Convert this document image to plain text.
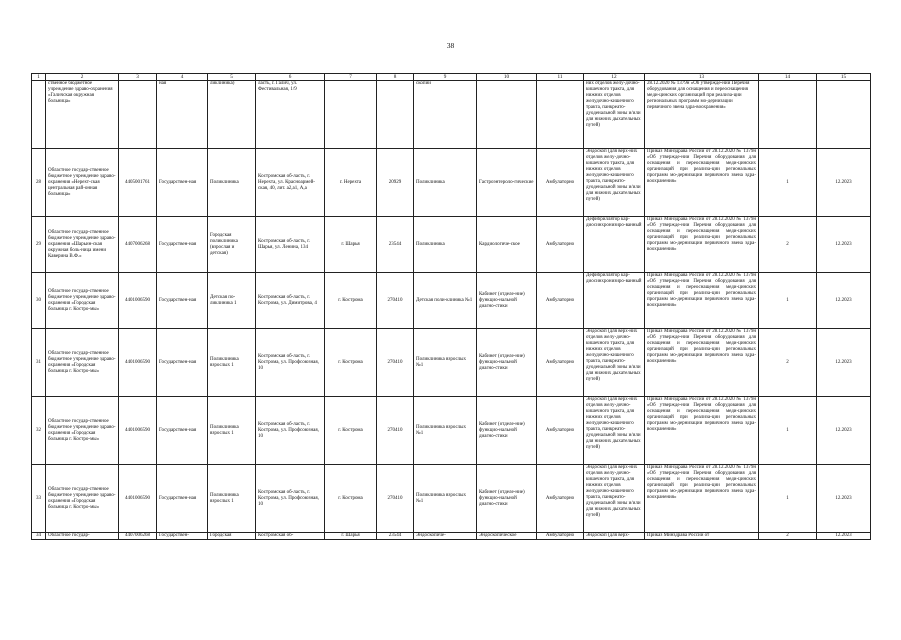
38
1	2	3	4	5	6	7	8	9	10	11	12	13	14	15
	ственное бюджетное учреждение здраво-охранения «Галичская окружная больница»		ная	ликлиника)	ласть, г. Галич, ул. Фестивальная, 1/9			скопии			них отделов желу-дочно-кишечного тракта, для нижних отделов желудочно-кишечного тракта, панкреато-дуоденальной зоны и/или для нижних дыхательных путей)	28.12.2020 № 1379н «Об утвержде-нии Перечня оборудования для оснащения и переоснащения меди-цинских организаций при реализа-ции региональных программ мо-дернизации первичного звена здра-воохранения»		
28	Областное государ-ственное бюджетное учреждение здраво-охранения «Нерехт-ская центральная рай-онная больница»	4405001761	Государствен-ная	Поликлиника	Костромская об-ласть, г. Нерехта, ул. Красноармей-ская, 40, лит. а2,а1, А,а	г. Нерехта	20929	Поликлиника	Гастроэнтероло-гические	Амбулаторно	Эндоскоп (для верх-них отделов желу-дочно-кишечного тракта, для нижних отделов желудочно-кишечного тракта, панкреато-дуоденальной зоны и/или для нижних дыхательных путей)	Приказ Минздрава России от 28.12.2020 № 1379н «Об утвержде-нии Перечня оборудования для оснащения и переоснащения меди-цинских организаций при реализа-ции региональных программ мо-дернизации первичного звена здра-воохранения»	1	12.2023
29	Областное государ-ственное бюджетное учреждение здраво-охранения «Шарьин-ская окружная боль-ница имени Каверина В.Ф.»	4407006268	Государствен-ная	Городская поликлиника (взрослая и детская)	Костромская об-ласть, г. Шарья, ул. Ленина, 134	г. Шарья	23544	Поликлиника	Кардиологиче-ское	Амбулаторно	Дефибриллятор кар-диосинхронизиро-ванный	Приказ Минздрава России от 28.12.2020 № 1379н «Об утвержде-нии Перечня оборудования для оснащения и переоснащения меди-цинских организаций при реализа-ции региональных программ мо-дернизации первичного звена здра-воохранения»	2	12.2023
30	Областное государ-ственное бюджетное учреждение здраво-охранения «Городская больница г. Костро-мы»	4401006590	Государствен-ная	Детская по-ликлиника 1	Костромская об-ласть, г. Кострома, ул. Димитрова, 4	г. Кострома	270410	Детская поли-клиника №1	Кабинет (отделе-ние) функцио-нальной диагно-стики	Амбулаторно	Дефибриллятор кар-диосинхронизиро-ванный	Приказ Минздрава России от 28.12.2020 № 1379н «Об утвержде-нии Перечня оборудования для оснащения и переоснащения меди-цинских организаций при реализа-ции региональных программ мо-дернизации первичного звена здра-воохранения»	1	12.2023
31	Областное государ-ственное бюджетное учреждение здраво-охранения «Городская больница г. Костро-мы»	4401006590	Государствен-ная	Поликлиника взрослых 1	Костромская об-ласть, г. Кострома, ул. Профсоюзная, 10	г. Кострома	270410	Поликлиника взрослых №1	Кабинет (отделе-ние) функцио-нальной диагно-стики	Амбулаторно	Эндоскоп (для верх-них отделов желу-дочно-кишечного тракта, для нижних отделов желудочно-кишечного тракта, панкреато-дуоденальной зоны и/или для нижних дыхательных путей)	Приказ Минздрава России от 28.12.2020 № 1379н «Об утвержде-нии Перечня оборудования для оснащения и переоснащения меди-цинских организаций при реализа-ции региональных программ мо-дернизации первичного звена здра-воохранения»	2	12.2023
32	Областное государ-ственное бюджетное учреждение здраво-охранения «Городская больница г. Костро-мы»	4401006590	Государствен-ная	Поликлиника взрослых 1	Костромская об-ласть, г. Кострома, ул. Профсоюзная, 10	г. Кострома	270410	Поликлиника взрослых №1	Кабинет (отделе-ние) функцио-нальной диагно-стики	Амбулаторно	Эндоскоп (для верх-них отделов желу-дочно-кишечного тракта, для нижних отделов желудочно-кишечного тракта, панкреато-дуоденальной зоны и/или для нижних дыхательных путей)	Приказ Минздрава России от 28.12.2020 № 1379н «Об утвержде-нии Перечня оборудования для оснащения и переоснащения меди-цинских организаций при реализа-ции региональных программ мо-дернизации первичного звена здра-воохранения»	1	12.2023
33	Областное государ-ственное бюджетное учреждение здраво-охранения «Городская больница г. Костро-мы»	4401006590	Государствен-ная	Поликлиника взрослых 1	Костромская об-ласть, г. Кострома, ул. Профсоюзная, 10	г. Кострома	270410	Поликлиника взрослых №1	Кабинет (отделе-ние) функцио-нальной диагно-стики	Амбулаторно	Эндоскоп (для верх-них отделов желу-дочно-кишечного тракта, для нижних отделов желудочно-кишечного тракта, панкреато-дуоденальной зоны и/или для нижних дыхательных путей)	Приказ Минздрава России от 28.12.2020 № 1379н «Об утвержде-нии Перечня оборудования для оснащения и переоснащения меди-цинских организаций при реализа-ции региональных программ мо-дернизации первичного звена здра-воохранения»	1	12.2023
34	Областное государ-	4407006268	Государствен-	Городская	Костромская об-	г. Шарья	23544	Эндоскопиче-	Эндоскопическое	Амбулаторно	Эндоскоп (для верх-	Приказ Минздрава России от	2	12.2023
